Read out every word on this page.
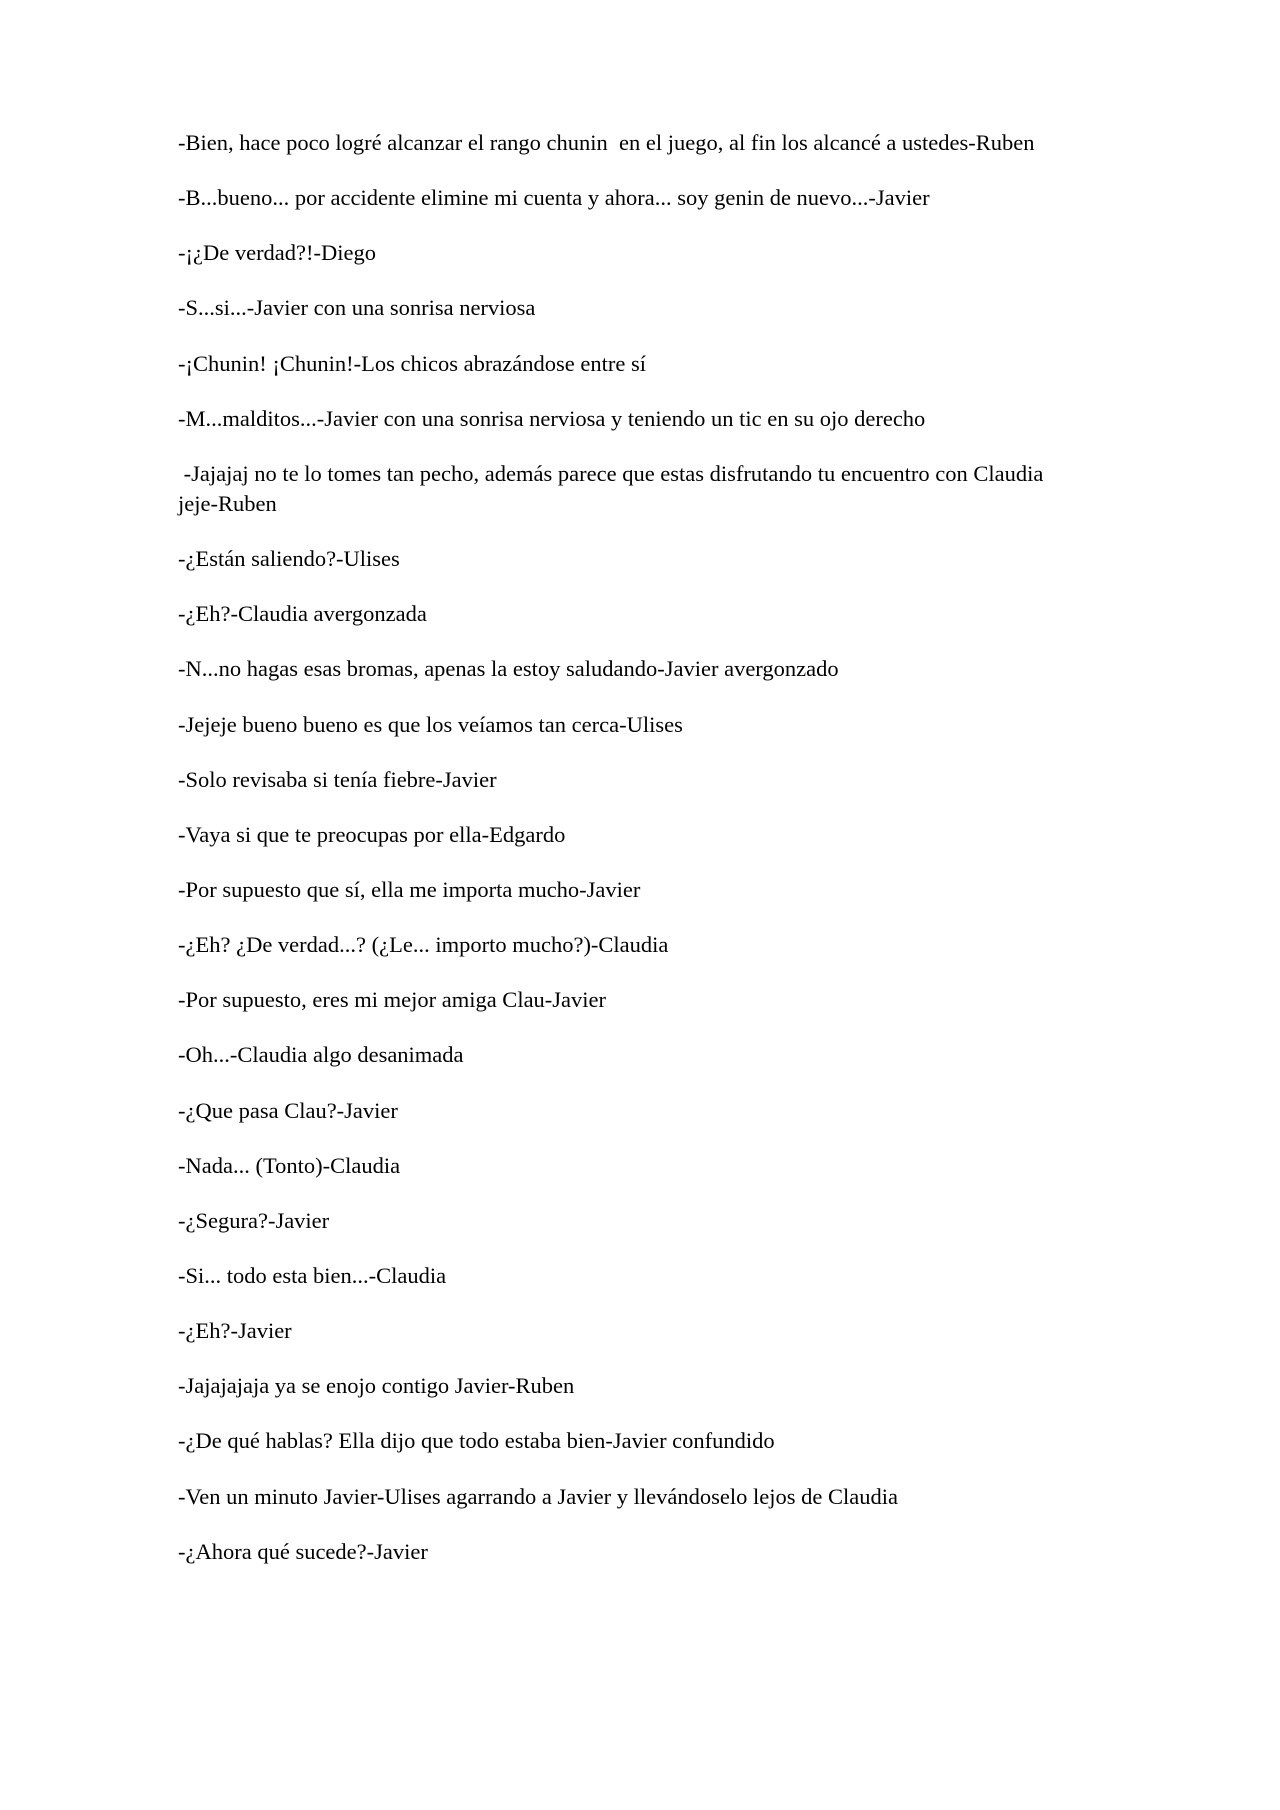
-Bien, hace poco logré alcanzar el rango chunin  en el juego, al fin los alcancé a ustedes-Ruben

-B...bueno... por accidente elimine mi cuenta y ahora... soy genin de nuevo...-Javier

-¡¿De verdad?!-Diego

-S...si...-Javier con una sonrisa nerviosa

-¡Chunin! ¡Chunin!-Los chicos abrazándose entre sí

-M...malditos...-Javier con una sonrisa nerviosa y teniendo un tic en su ojo derecho

-Jajajaj no te lo tomes tan pecho, además parece que estas disfrutando tu encuentro con Claudia jeje-Ruben

-¿Están saliendo?-Ulises

-¿Eh?-Claudia avergonzada

-N...no hagas esas bromas, apenas la estoy saludando-Javier avergonzado

-Jejeje bueno bueno es que los veíamos tan cerca-Ulises

-Solo revisaba si tenía fiebre-Javier

-Vaya si que te preocupas por ella-Edgardo

-Por supuesto que sí, ella me importa mucho-Javier

-¿Eh? ¿De verdad...? (¿Le... importo mucho?)-Claudia

-Por supuesto, eres mi mejor amiga Clau-Javier

-Oh...-Claudia algo desanimada

-¿Que pasa Clau?-Javier

-Nada... (Tonto)-Claudia

-¿Segura?-Javier

-Si... todo esta bien...-Claudia

-¿Eh?-Javier

-Jajajajaja ya se enojo contigo Javier-Ruben

-¿De qué hablas? Ella dijo que todo estaba bien-Javier confundido

-Ven un minuto Javier-Ulises agarrando a Javier y llevándoselo lejos de Claudia

-¿Ahora qué sucede?-Javier
